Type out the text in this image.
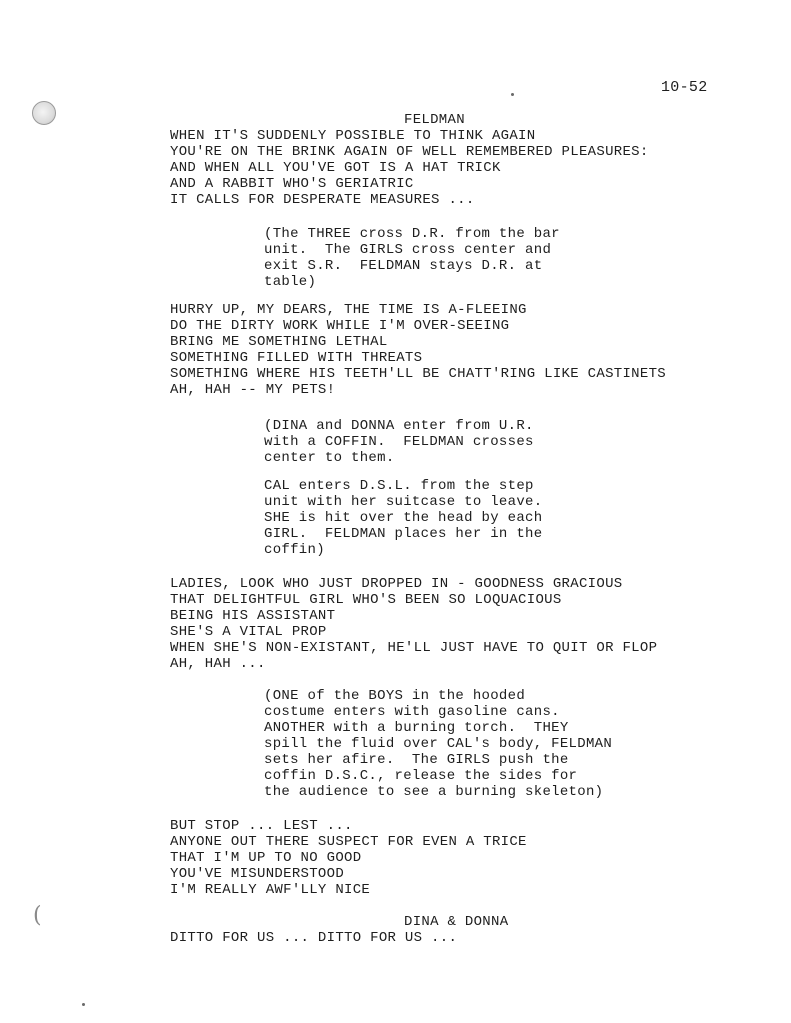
(
10-52
FELDMAN
WHEN IT'S SUDDENLY POSSIBLE TO THINK AGAIN
YOU'RE ON THE BRINK AGAIN OF WELL REMEMBERED PLEASURES:
AND WHEN ALL YOU'VE GOT IS A HAT TRICK
AND A RABBIT WHO'S GERIATRIC
IT CALLS FOR DESPERATE MEASURES ...
(The THREE cross D.R. from the bar
unit.  The GIRLS cross center and
exit S.R.  FELDMAN stays D.R. at
table)
HURRY UP, MY DEARS, THE TIME IS A-FLEEING
DO THE DIRTY WORK WHILE I'M OVER-SEEING
BRING ME SOMETHING LETHAL
SOMETHING FILLED WITH THREATS
SOMETHING WHERE HIS TEETH'LL BE CHATT'RING LIKE CASTINETS
AH, HAH -- MY PETS!
(DINA and DONNA enter from U.R.
with a COFFIN.  FELDMAN crosses
center to them.
CAL enters D.S.L. from the step
unit with her suitcase to leave.
SHE is hit over the head by each
GIRL.  FELDMAN places her in the
coffin)
LADIES, LOOK WHO JUST DROPPED IN - GOODNESS GRACIOUS
THAT DELIGHTFUL GIRL WHO'S BEEN SO LOQUACIOUS
BEING HIS ASSISTANT
SHE'S A VITAL PROP
WHEN SHE'S NON-EXISTANT, HE'LL JUST HAVE TO QUIT OR FLOP
AH, HAH ...
(ONE of the BOYS in the hooded
costume enters with gasoline cans.
ANOTHER with a burning torch.  THEY
spill the fluid over CAL's body, FELDMAN
sets her afire.  The GIRLS push the
coffin D.S.C., release the sides for
the audience to see a burning skeleton)
BUT STOP ... LEST ...
ANYONE OUT THERE SUSPECT FOR EVEN A TRICE
THAT I'M UP TO NO GOOD
YOU'VE MISUNDERSTOOD
I'M REALLY AWF'LLY NICE
DINA & DONNA
DITTO FOR US ... DITTO FOR US ...
